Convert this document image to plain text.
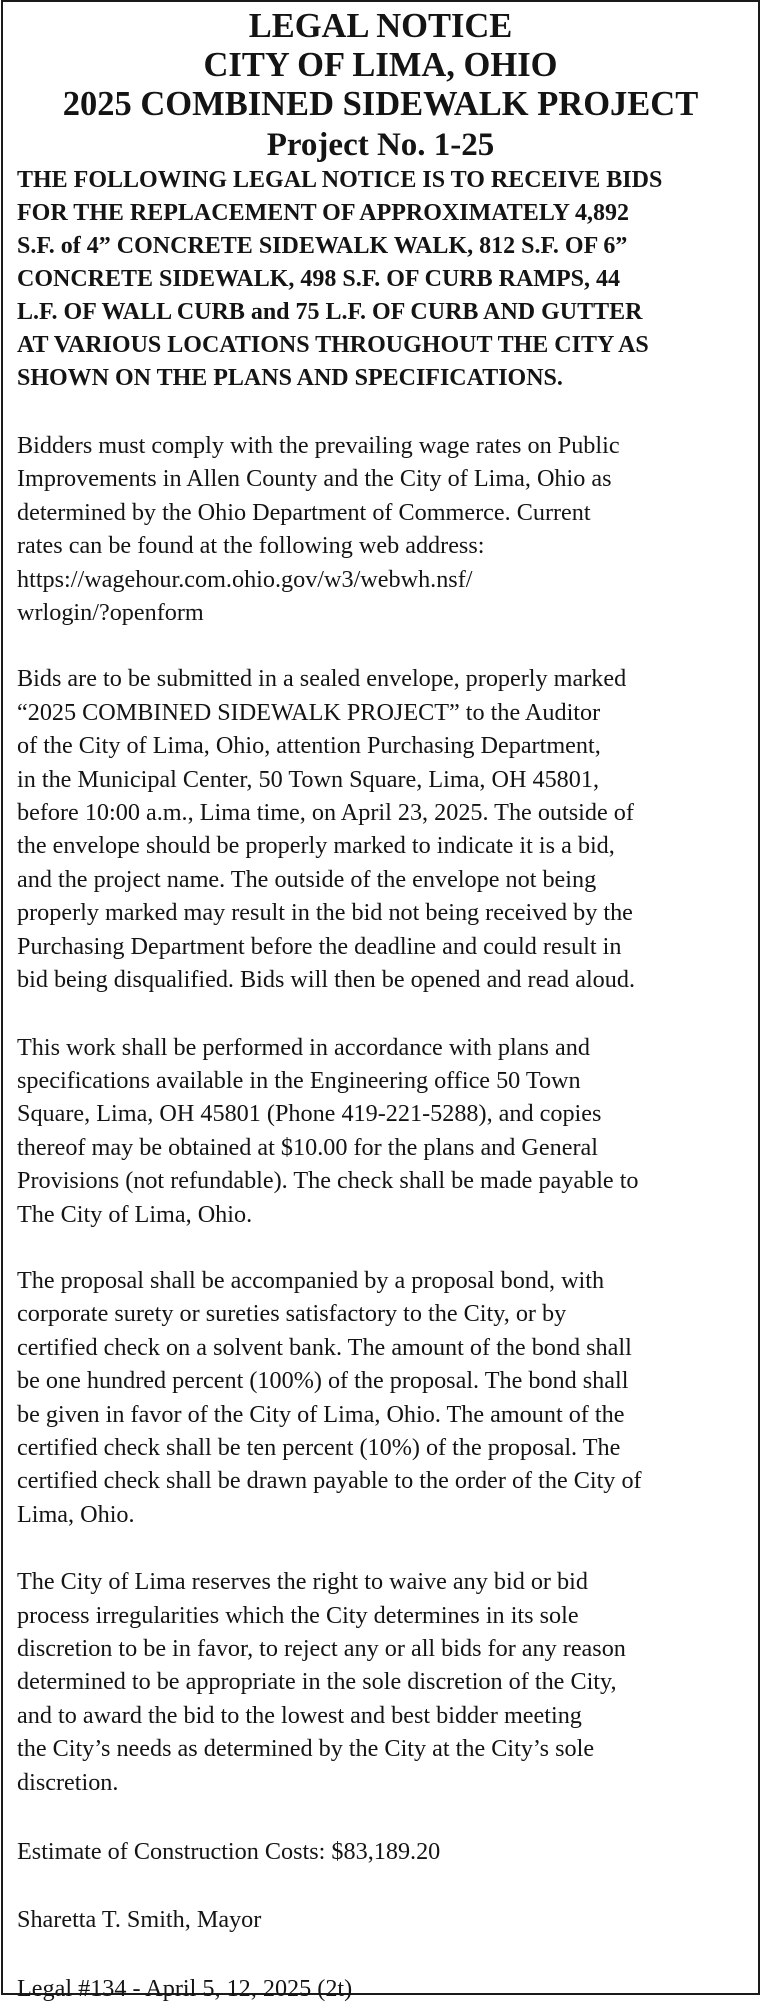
LEGAL NOTICE
CITY OF LIMA, OHIO
2025 COMBINED SIDEWALK PROJECT
Project No. 1-25
THE FOLLOWING LEGAL NOTICE IS TO RECEIVE BIDS
FOR THE REPLACEMENT OF APPROXIMATELY 4,892
S.F. of 4” CONCRETE SIDEWALK WALK, 812 S.F. OF 6”
CONCRETE SIDEWALK, 498 S.F. OF CURB RAMPS, 44
L.F. OF WALL CURB and 75 L.F. OF CURB AND GUTTER
AT VARIOUS LOCATIONS THROUGHOUT THE CITY AS
SHOWN ON THE PLANS AND SPECIFICATIONS.
Bidders must comply with the prevailing wage rates on Public
Improvements in Allen County and the City of Lima, Ohio as
determined by the Ohio Department of Commerce. Current
rates can be found at the following web address:
https://wagehour.com.ohio.gov/w3/webwh.nsf/
wrlogin/?openform
Bids are to be submitted in a sealed envelope, properly marked
“2025 COMBINED SIDEWALK PROJECT” to the Auditor
of the City of Lima, Ohio, attention Purchasing Department,
in the Municipal Center, 50 Town Square, Lima, OH 45801,
before 10:00 a.m., Lima time, on April 23, 2025. The outside of
the envelope should be properly marked to indicate it is a bid,
and the project name. The outside of the envelope not being
properly marked may result in the bid not being received by the
Purchasing Department before the deadline and could result in
bid being disqualified. Bids will then be opened and read aloud.
This work shall be performed in accordance with plans and
specifications available in the Engineering office 50 Town
Square, Lima, OH 45801 (Phone 419-221-5288), and copies
thereof may be obtained at $10.00 for the plans and General
Provisions (not refundable). The check shall be made payable to
The City of Lima, Ohio.
The proposal shall be accompanied by a proposal bond, with
corporate surety or sureties satisfactory to the City, or by
certified check on a solvent bank. The amount of the bond shall
be one hundred percent (100%) of the proposal. The bond shall
be given in favor of the City of Lima, Ohio. The amount of the
certified check shall be ten percent (10%) of the proposal. The
certified check shall be drawn payable to the order of the City of
Lima, Ohio.
The City of Lima reserves the right to waive any bid or bid
process irregularities which the City determines in its sole
discretion to be in favor, to reject any or all bids for any reason
determined to be appropriate in the sole discretion of the City,
and to award the bid to the lowest and best bidder meeting
the City’s needs as determined by the City at the City’s sole
discretion.
Estimate of Construction Costs: $83,189.20
Sharetta T. Smith, Mayor
Legal #134 - April 5, 12, 2025 (2t)
